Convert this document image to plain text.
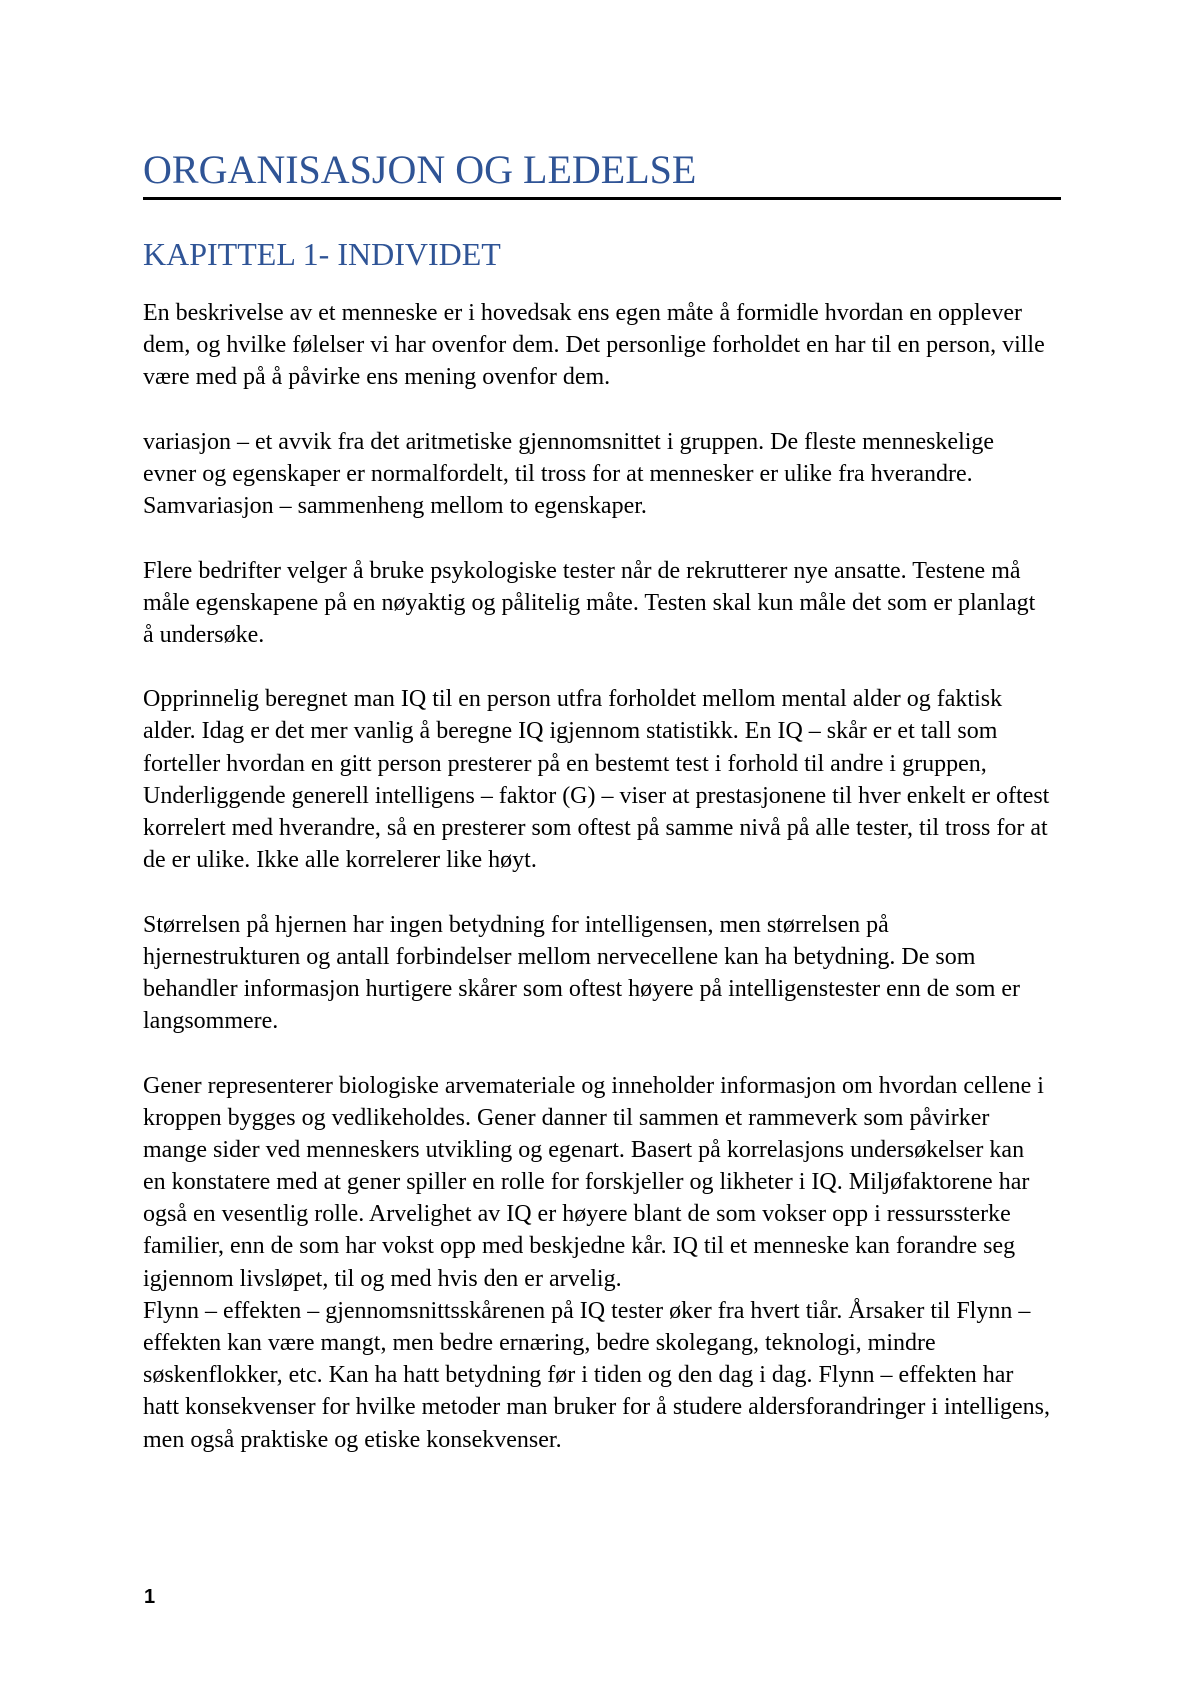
ORGANISASJON OG LEDELSE
KAPITTEL 1- INDIVIDET
En beskrivelse av et menneske er i hovedsak ens egen måte å formidle hvordan en opplever
dem, og hvilke følelser vi har ovenfor dem. Det personlige forholdet en har til en person, ville
være med på å påvirke ens mening ovenfor dem.
variasjon – et avvik fra det aritmetiske gjennomsnittet i gruppen. De fleste menneskelige
evner og egenskaper er normalfordelt, til tross for at mennesker er ulike fra hverandre.
Samvariasjon – sammenheng mellom to egenskaper.
Flere bedrifter velger å bruke psykologiske tester når de rekrutterer nye ansatte. Testene må
måle egenskapene på en nøyaktig og pålitelig måte. Testen skal kun måle det som er planlagt
å undersøke.
Opprinnelig beregnet man IQ til en person utfra forholdet mellom mental alder og faktisk
alder. Idag er det mer vanlig å beregne IQ igjennom statistikk. En IQ – skår er et tall som
forteller hvordan en gitt person presterer på en bestemt test i forhold til andre i gruppen,
Underliggende generell intelligens – faktor (G) – viser at prestasjonene til hver enkelt er oftest
korrelert med hverandre, så en presterer som oftest på samme nivå på alle tester, til tross for at
de er ulike. Ikke alle korrelerer like høyt.
Størrelsen på hjernen har ingen betydning for intelligensen, men størrelsen på
hjernestrukturen og antall forbindelser mellom nervecellene kan ha betydning. De som
behandler informasjon hurtigere skårer som oftest høyere på intelligenstester enn de som er
langsommere.
Gener representerer biologiske arvemateriale og inneholder informasjon om hvordan cellene i
kroppen bygges og vedlikeholdes. Gener danner til sammen et rammeverk som påvirker
mange sider ved menneskers utvikling og egenart. Basert på korrelasjons undersøkelser kan
en konstatere med at gener spiller en rolle for forskjeller og likheter i IQ. Miljøfaktorene har
også en vesentlig rolle. Arvelighet av IQ er høyere blant de som vokser opp i ressurssterke
familier, enn de som har vokst opp med beskjedne kår. IQ til et menneske kan forandre seg
igjennom livsløpet, til og med hvis den er arvelig.
Flynn – effekten – gjennomsnittsskårenen på IQ tester øker fra hvert tiår. Årsaker til Flynn –
effekten kan være mangt, men bedre ernæring, bedre skolegang, teknologi, mindre
søskenflokker, etc. Kan ha hatt betydning før i tiden og den dag i dag. Flynn – effekten har
hatt konsekvenser for hvilke metoder man bruker for å studere aldersforandringer i intelligens,
men også praktiske og etiske konsekvenser.
1
